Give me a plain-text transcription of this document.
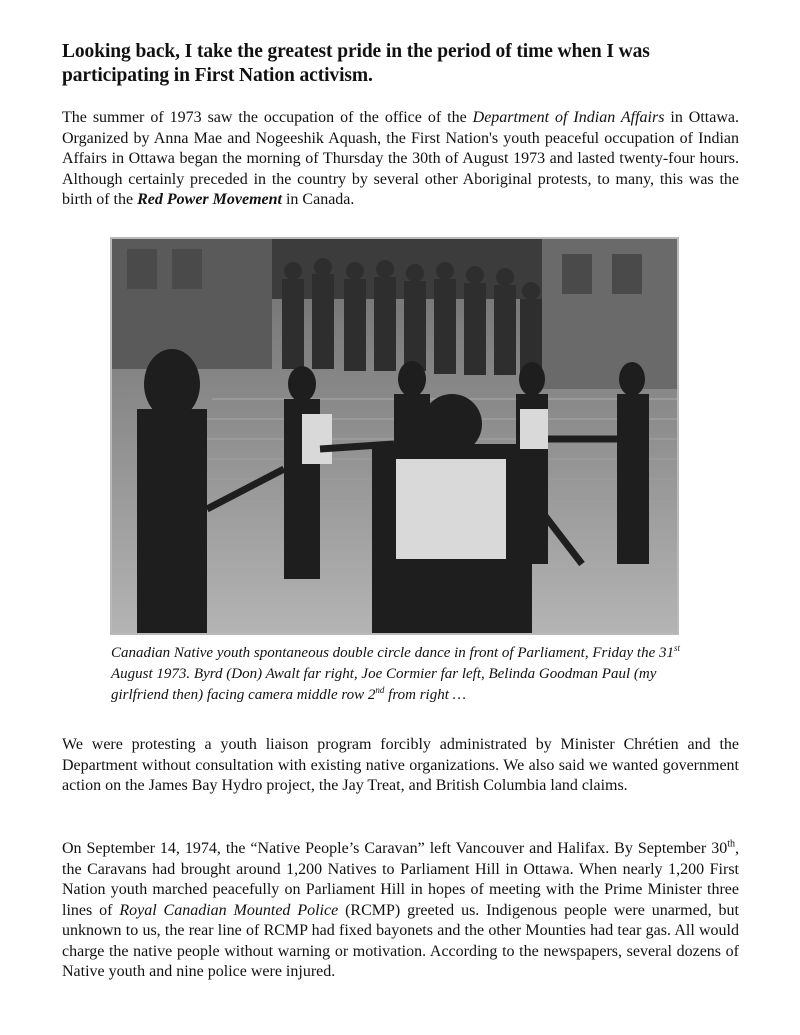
Looking back, I take the greatest pride in the period of time when I was participating in First Nation activism.

The summer of 1973 saw the occupation of the office of the Department of Indian Affairs in Ottawa. Organized by Anna Mae and Nogeeshik Aquash, the First Nation's youth peaceful occupation of Indian Affairs in Ottawa began the morning of Thursday the 30th of August 1973 and lasted twenty-four hours. Although certainly preceded in the country by several other Aboriginal protests, to many, this was the birth of the Red Power Movement in Canada.

Canadian Native youth spontaneous double circle dance in front of Parliament, Friday the 31st August 1973. Byrd (Don) Awalt far right, Joe Cormier far left, Belinda Goodman Paul (my girlfriend then) facing camera middle row 2nd from right …

We were protesting a youth liaison program forcibly administrated by Minister Chrétien and the Department without consultation with existing native organizations. We also said we wanted government action on the James Bay Hydro project, the Jay Treat, and British Columbia land claims.

On September 14, 1974, the “Native People’s Caravan” left Vancouver and Halifax. By September 30th, the Caravans had brought around 1,200 Natives to Parliament Hill in Ottawa. When nearly 1,200 First Nation youth marched peacefully on Parliament Hill in hopes of meeting with the Prime Minister three lines of Royal Canadian Mounted Police (RCMP) greeted us. Indigenous people were unarmed, but unknown to us, the rear line of RCMP had fixed bayonets and the other Mounties had tear gas. All would charge the native people without warning or motivation. According to the newspapers, several dozens of Native youth and nine police were injured.
